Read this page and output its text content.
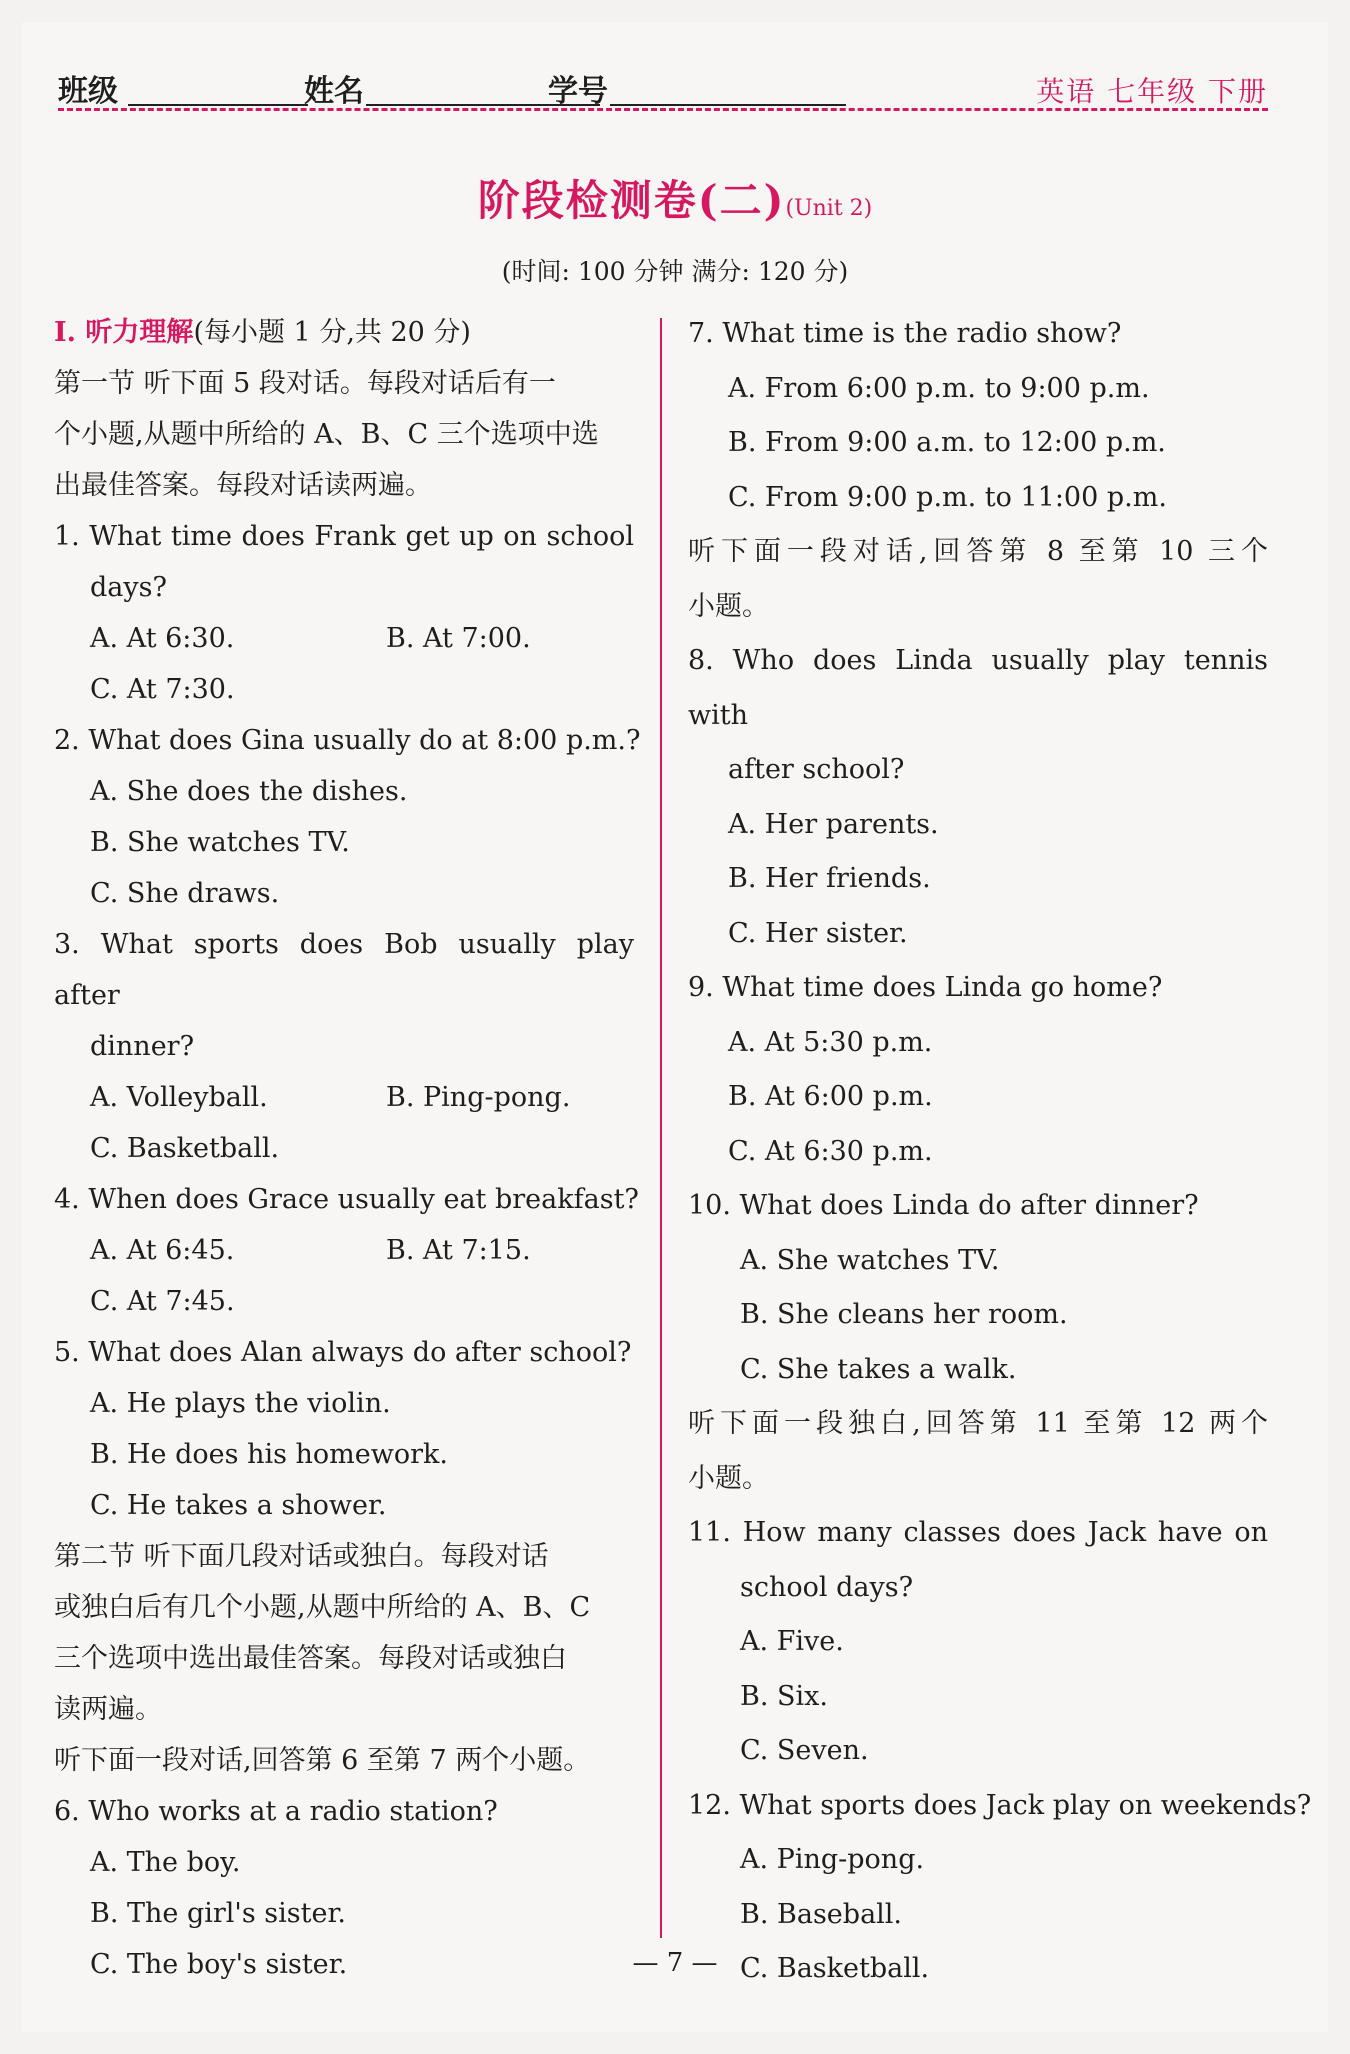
班级	姓名	学号	英语 七年级 下册
阶段检测卷(二)(Unit 2)
(时间: 100 分钟 满分: 120 分)
Ⅰ. 听力理解(每小题 1 分,共 20 分)
第一节 听下面 5 段对话。每段对话后有一
个小题,从题中所给的 A、B、C 三个选项中选
出最佳答案。每段对话读两遍。
1. What time does Frank get up on school
days?
A. At 6:30.	B. At 7:00.
C. At 7:30.
2. What does Gina usually do at 8:00 p.m.?
A. She does the dishes.
B. She watches TV.
C. She draws.
3. What sports does Bob usually play after
dinner?
A. Volleyball.	B. Ping-pong.
C. Basketball.
4. When does Grace usually eat breakfast?
A. At 6:45.	B. At 7:15.
C. At 7:45.
5. What does Alan always do after school?
A. He plays the violin.
B. He does his homework.
C. He takes a shower.
第二节 听下面几段对话或独白。每段对话
或独白后有几个小题,从题中所给的 A、B、C
三个选项中选出最佳答案。每段对话或独白
读两遍。
听下面一段对话,回答第 6 至第 7 两个小题。
6. Who works at a radio station?
A. The boy.
B. The girl's sister.
C. The boy's sister.
7. What time is the radio show?
A. From 6:00 p.m. to 9:00 p.m.
B. From 9:00 a.m. to 12:00 p.m.
C. From 9:00 p.m. to 11:00 p.m.
听下面一段对话,回答第 8 至第 10 三个
小题。
8. Who does Linda usually play tennis with
after school?
A. Her parents.
B. Her friends.
C. Her sister.
9. What time does Linda go home?
A. At 5:30 p.m.
B. At 6:00 p.m.
C. At 6:30 p.m.
10. What does Linda do after dinner?
A. She watches TV.
B. She cleans her room.
C. She takes a walk.
听下面一段独白,回答第 11 至第 12 两个
小题。
11. How many classes does Jack have on
school days?
A. Five.
B. Six.
C. Seven.
12. What sports does Jack play on weekends?
A. Ping-pong.
B. Baseball.
C. Basketball.
— 7 —
